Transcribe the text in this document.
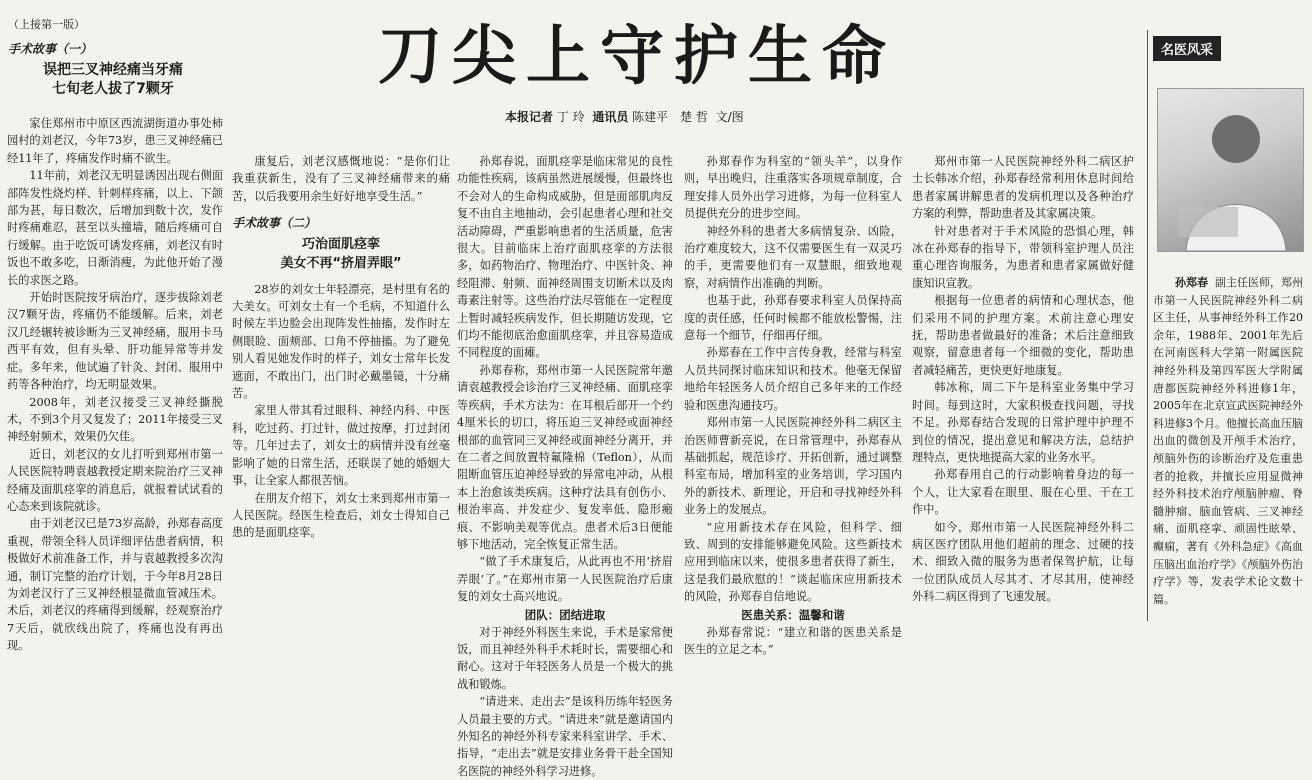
（上接第一版）
手术故事（一）
误把三叉神经痛当牙痛
七旬老人拔了7颗牙	刀尖上守护生命
本报记者 丁 玲 通讯员 陈建平　楚 哲 文/图
名医风采

孙郑春 副主任医师，郑州市第一人民医院神经外科二病区主任，从事神经外科工作20余年，1988年、2001年先后在河南医科大学第一附属医院神经外科及第四军医大学附属唐都医院神经外科进修1年，2005年在北京宣武医院神经外科进修3个月。他擅长高血压脑出血的微创及开颅手术治疗，颅脑外伤的诊断治疗及危重患者的抢救，并擅长应用显微神经外科技术治疗颅脑肿瘤、脊髓肿瘤、脑血管病、三叉神经痛、面肌痉挛、顽固性眩晕、癫痫，著有《外科急症》《高血压脑出血治疗学》《颅脑外伤治疗学》等，发表学术论文数十篇。

家住郑州市中原区西流湖街道办事处柿园村的刘老汉，今年73岁，患三叉神经痛已经11年了，疼痛发作时痛不欲生。

11年前，刘老汉无明显诱因出现右侧面部阵发性烧灼样、针刺样疼痛，以上、下颌部为甚，每日数次，后增加到数十次，发作时疼痛难忍，甚至以头撞墙，随后疼痛可自行缓解。由于吃饭可诱发疼痛，刘老汉有时饭也不敢多吃，日渐消瘦，为此他开始了漫长的求医之路。

开始时医院按牙病治疗，逐步拔除刘老汉7颗牙齿，疼痛仍不能缓解。后来，刘老汉几经辗转被诊断为三叉神经痛，服用卡马西平有效，但有头晕、肝功能异常等并发症。多年来，他试遍了针灸、封闭、服用中药等各种治疗，均无明显效果。

2008年，刘老汉接受三叉神经撕脱术，不到3个月又复发了；2011年接受三叉神经射频术，效果仍欠佳。

近日，刘老汉的女儿打听到郑州市第一人民医院特聘袁越教授定期来院治疗三叉神经痛及面肌痉挛的消息后，就报着试试看的心态来到该院就诊。

由于刘老汉已是73岁高龄，孙郑春高度重视，带领全科人员详细评估患者病情，积极做好术前准备工作，并与袁越教授多次沟通，制订完整的治疗计划，于今年8月28日为刘老汉行了三叉神经根显微血管减压术。术后，刘老汉的疼痛得到缓解，经观察治疗7天后，就欣线出院了，疼痛也没有再出现。

康复后，刘老汉感慨地说：“是你们让我重获新生，没有了三叉神经痛带来的痛苦，以后我要用余生好好地享受生活。”

手术故事（二）
巧治面肌痉挛
美女不再“挤眉弄眼”

28岁的刘女士年轻漂亮，是村里有名的大美女。可刘女士有一个毛病，不知道什么时候左半边脸会出现阵发性抽搐，发作时左侧眼睑、面颊部、口角不停抽搐。为了避免别人看见她发作时的样子，刘女士常年长发遮面，不敢出门，出门时必戴墨镜，十分痛苦。

家里人带其看过眼科、神经内科、中医科，吃过药、打过针，做过按摩，打过封闭等。几年过去了，刘女士的病情并没有丝毫影响了她的日常生活，还联误了她的婚姻大事，让全家人都很苦恼。

在朋友介绍下，刘女士来到郑州市第一人民医院。经医生检查后，刘女士得知自己患的是面肌痉挛。

孙郑春说，面肌痉挛是临床常见的良性功能性疾病，该病虽然进展缓慢，但最终也不会对人的生命构成威胁，但是面部肌肉反复不由自主地抽动，会引起患者心理和社交活动障碍，严重影响患者的生活质量，危害很大。目前临床上治疗面肌痉挛的方法很多，如药物治疗、物理治疗、中医针灸、神经阻滞、射频、面神经周围支切断术以及肉毒素注射等。这些治疗法尽管能在一定程度上暂时减轻疾病发作，但长期随访发现，它们均不能彻底治愈面肌痉挛，并且容易造成不同程度的面瘫。

孙郑春称，郑州市第一人民医院常年邀请袁越教授会诊治疗三叉神经痛、面肌痉挛等疾病，手术方法为：在耳根后部开一个约4厘米长的切口，将压迫三叉神经或面神经根部的血管同三叉神经或面神经分离开，并在二者之间放置特氟隆棉（Teflon），从而阻断血管压迫神经导致的异常电冲动，从根本上治愈该类疾病。这种疗法具有创伤小、根治率高、并发症少、复发率低、隐形瘢痕、不影响美观等优点。患者术后3日便能够下地活动，完全恢复正常生活。

“做了手术康复后，从此再也不用‘挤眉弄眼’了。”在郑州市第一人民医院治疗后康复的刘女士高兴地说。

团队：团结进取

对于神经外科医生来说，手术是家常便饭，而且神经外科手术耗时长，需要细心和耐心。这对于年轻医务人员是一个极大的挑战和锻炼。

“请进来、走出去”是该科历练年轻医务人员最主要的方式。“请进来”就是邀请国内外知名的神经外科专家来科室讲学、手术、指导，“走出去”就是安排业务骨干赴全国知名医院的神经外科学习进修。

孙郑春作为科室的“领头羊”，以身作则，早出晚归，注重落实各项规章制度，合理安排人员外出学习进修，为每一位科室人员提供充分的进步空间。

神经外科的患者大多病情复杂、凶险，治疗难度较大，这不仅需要医生有一双灵巧的手，更需要他们有一双慧眼，细致地观察，对病情作出准确的判断。

也基于此，孙郑春要求科室人员保持高度的责任感，任何时候都不能放松警惕，注意每一个细节，仔细再仔细。

孙郑春在工作中言传身教，经常与科室人员共同探讨临床知识和技术。他毫无保留地给年轻医务人员介绍自己多年来的工作经验和医患沟通技巧。

郑州市第一人民医院神经外科二病区主治医师曹新亮说，在日常管理中，孙郑春从基础抓起，规范诊疗、开拓创新，通过调整科室布局，增加科室的业务培训，学习国内外的新技术、新理论，开启和寻找神经外科业务上的发展点。

“应用新技术存在风险，但科学、细致、周到的安排能够避免风险。这些新技术应用到临床以来，使很多患者获得了新生，这是我们最欣慰的！”谈起临床应用新技术的风险，孙郑春自信地说。

医患关系：温馨和谐

孙郑春常说：“建立和谐的医患关系是医生的立足之本。”

郑州市第一人民医院神经外科二病区护士长韩冰介绍，孙郑春经常利用休息时间给患者家属讲解患者的发病机理以及各种治疗方案的利弊，帮助患者及其家属决策。

针对患者对于手术风险的恐惧心理，韩冰在孙郑春的指导下，带领科室护理人员注重心理咨询服务，为患者和患者家属做好健康知识宣教。

根据每一位患者的病情和心理状态，他们采用不同的护理方案。术前注意心理安抚，帮助患者做最好的准备；术后注意细致观察，留意患者每一个细微的变化，帮助患者减轻痛苦，更快更好地康复。

韩冰称，周二下午是科室业务集中学习时间。每到这时，大家积极查找问题，寻找不足。孙郑春结合发现的日常护理中护理不到位的情况，提出意见和解决方法，总结护理特点，更快地提高大家的业务水平。

孙郑春用自己的行动影响着身边的每一个人，让大家看在眼里、服在心里、干在工作中。

如今，郑州市第一人民医院神经外科二病区医疗团队用他们超前的理念、过硬的技术、细致入微的服务为患者保驾护航，让每一位团队成员人尽其才、才尽其用，使神经外科二病区得到了飞速发展。
